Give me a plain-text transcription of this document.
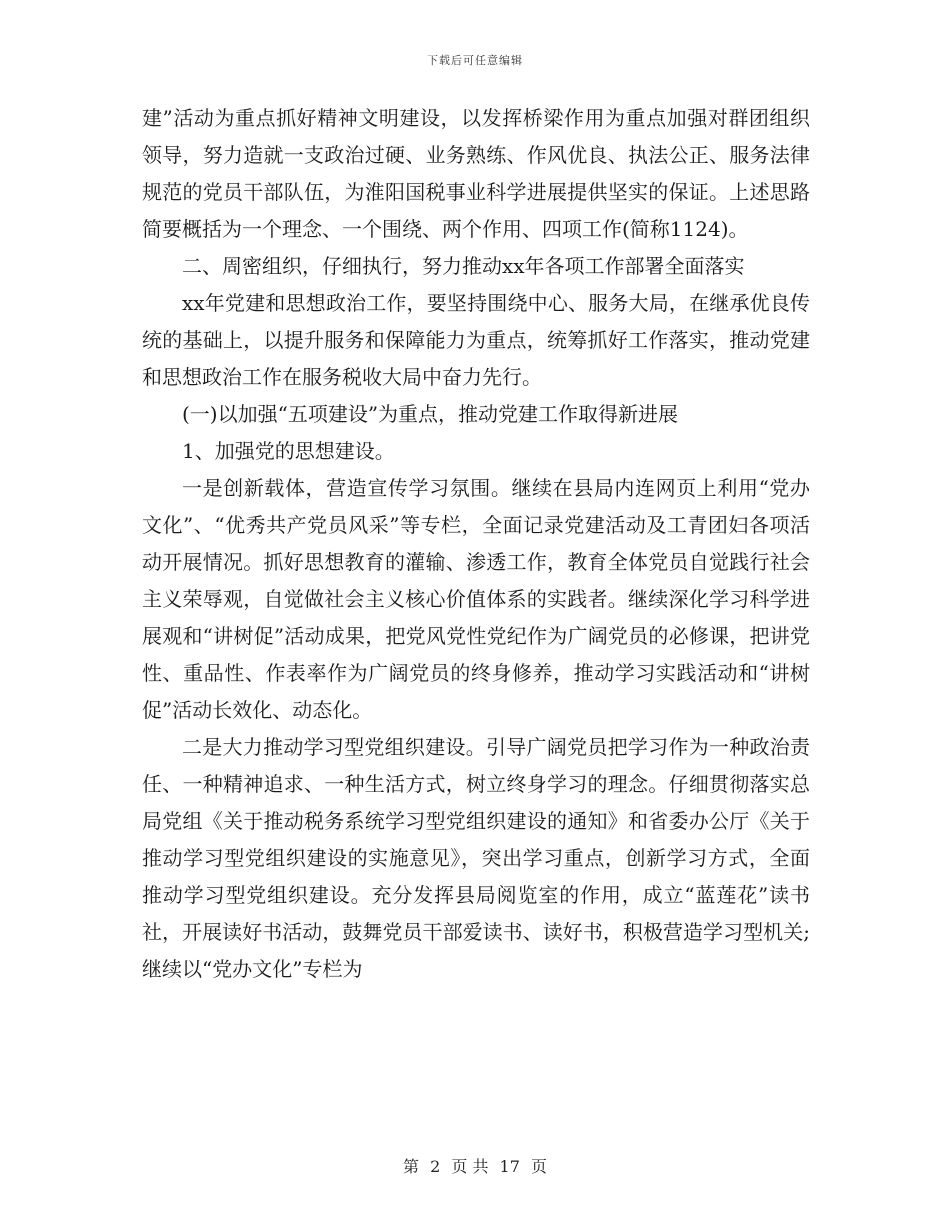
下载后可任意编辑

建”活动为重点抓好精神文明建设，以发挥桥梁作用为重点加强对群团组织领导，努力造就一支政治过硬、业务熟练、作风优良、执法公正、服务法律规范的党员干部队伍，为淮阳国税事业科学进展提供坚实的保证。上述思路简要概括为一个理念、一个围绕、两个作用、四项工作(简称1124)。

二、周密组织，仔细执行，努力推动xx年各项工作部署全面落实

xx年党建和思想政治工作，要坚持围绕中心、服务大局，在继承优良传统的基础上，以提升服务和保障能力为重点，统筹抓好工作落实，推动党建和思想政治工作在服务税收大局中奋力先行。

(一)以加强“五项建设”为重点，推动党建工作取得新进展

1、加强党的思想建设。

一是创新载体，营造宣传学习氛围。继续在县局内连网页上利用“党办文化”、“优秀共产党员风采”等专栏，全面记录党建活动及工青团妇各项活动开展情况。抓好思想教育的灌输、渗透工作，教育全体党员自觉践行社会主义荣辱观，自觉做社会主义核心价值体系的实践者。继续深化学习科学进展观和“讲树促”活动成果，把党风党性党纪作为广阔党员的必修课，把讲党性、重品性、作表率作为广阔党员的终身修养，推动学习实践活动和“讲树促”活动长效化、动态化。

二是大力推动学习型党组织建设。引导广阔党员把学习作为一种政治责任、一种精神追求、一种生活方式，树立终身学习的理念。仔细贯彻落实总局党组《关于推动税务系统学习型党组织建设的通知》和省委办公厅《关于推动学习型党组织建设的实施意见》，突出学习重点，创新学习方式，全面推动学习型党组织建设。充分发挥县局阅览室的作用，成立“蓝莲花”读书社，开展读好书活动，鼓舞党员干部爱读书、读好书，积极营造学习型机关;继续以“党办文化”专栏为

第 2 页 共 17 页
